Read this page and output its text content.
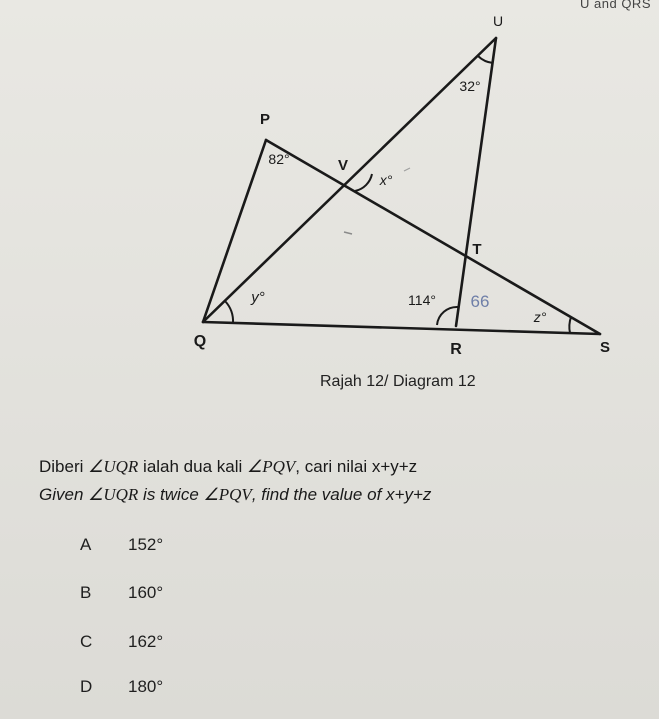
U and QRS
U
P
V
T
Q	R	S
32°
82°
x°
y°	114°
z°
66
Rajah 12/ Diagram 12
Diberi ∠UQR ialah dua kali ∠PQV, cari nilai x+y+z
Given ∠UQR is twice ∠PQV, find the value of x+y+z
A 152°
B 160°
C 162°
D 180°
